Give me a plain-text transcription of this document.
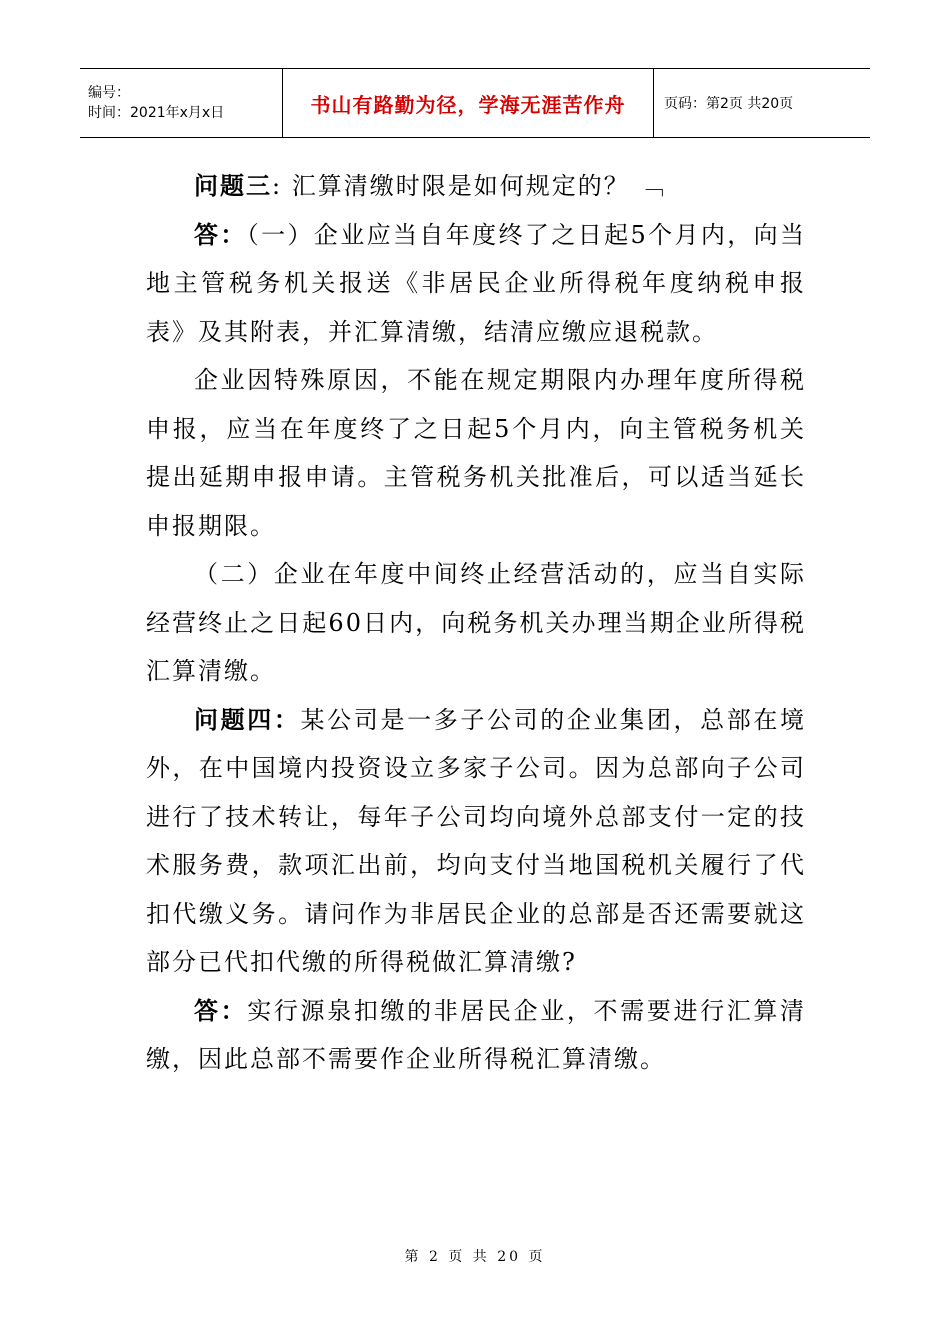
编号：
时间：2021年x月x日	书山有路勤为径，学海无涯苦作舟	页码：第2页 共20页

问题三: 汇算清缴时限是如何规定的？ ﹁

答：（一）企业应当自年度终了之日起5个月内，向当地主管税务机关报送《非居民企业所得税年度纳税申报表》及其附表，并汇算清缴，结清应缴应退税款。

企业因特殊原因，不能在规定期限内办理年度所得税申报，应当在年度终了之日起5个月内，向主管税务机关提出延期申报申请。主管税务机关批准后，可以适当延长申报期限。

（二）企业在年度中间终止经营活动的，应当自实际经营终止之日起60日内，向税务机关办理当期企业所得税汇算清缴。

问题四：某公司是一多子公司的企业集团，总部在境外，在中国境内投资设立多家子公司。因为总部向子公司进行了技术转让，每年子公司均向境外总部支付一定的技术服务费，款项汇出前，均向支付当地国税机关履行了代扣代缴义务。请问作为非居民企业的总部是否还需要就这部分已代扣代缴的所得税做汇算清缴?

答：实行源泉扣缴的非居民企业，不需要进行汇算清缴，因此总部不需要作企业所得税汇算清缴。

第 2 页 共 20 页
